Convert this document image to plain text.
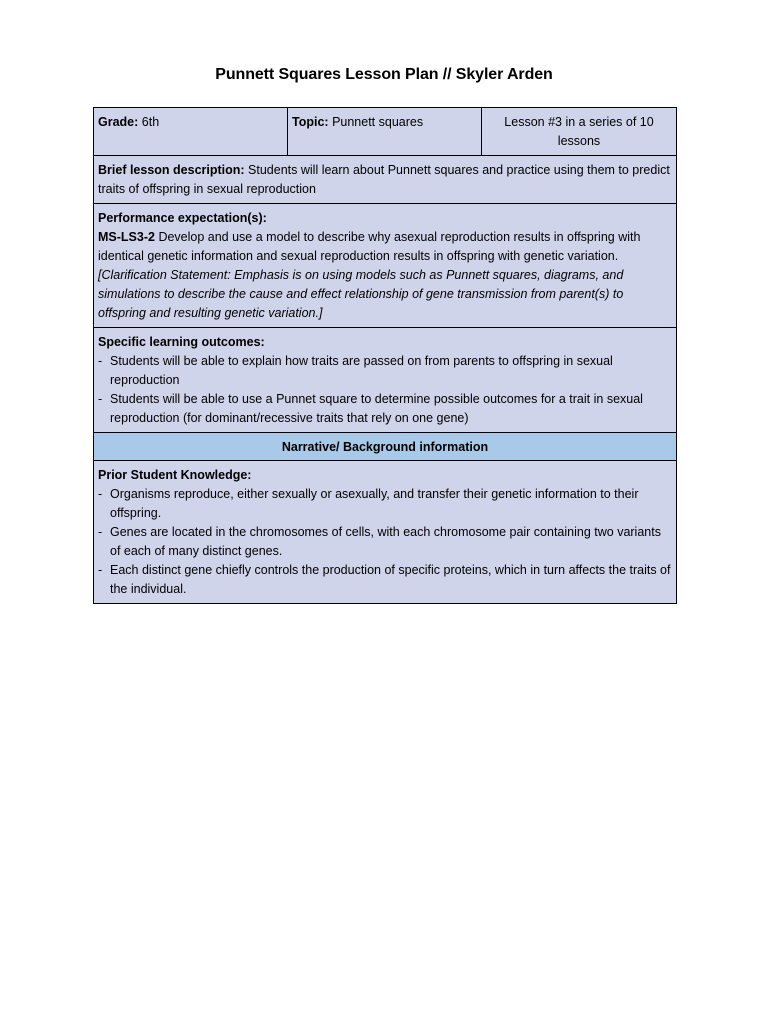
Punnett Squares Lesson Plan // Skyler Arden
Grade: 6th	Topic: Punnett squares	Lesson #3 in a series of 10 lessons
Brief lesson description: Students will learn about Punnett squares and practice using them to predict traits of offspring in sexual reproduction

Performance expectation(s):
MS-LS3-2 Develop and use a model to describe why asexual reproduction results in offspring with identical genetic information and sexual reproduction results in offspring with genetic variation. [Clarification Statement: Emphasis is on using models such as Punnett squares, diagrams, and simulations to describe the cause and effect relationship of gene transmission from parent(s) to offspring and resulting genetic variation.]

Specific learning outcomes:
- Students will be able to explain how traits are passed on from parents to offspring in sexual reproduction
- Students will be able to use a Punnet square to determine possible outcomes for a trait in sexual reproduction (for dominant/recessive traits that rely on one gene)

Narrative/ Background information

Prior Student Knowledge:
- Organisms reproduce, either sexually or asexually, and transfer their genetic information to their offspring.
- Genes are located in the chromosomes of cells, with each chromosome pair containing two variants of each of many distinct genes.
- Each distinct gene chiefly controls the production of specific proteins, which in turn affects the traits of the individual.
